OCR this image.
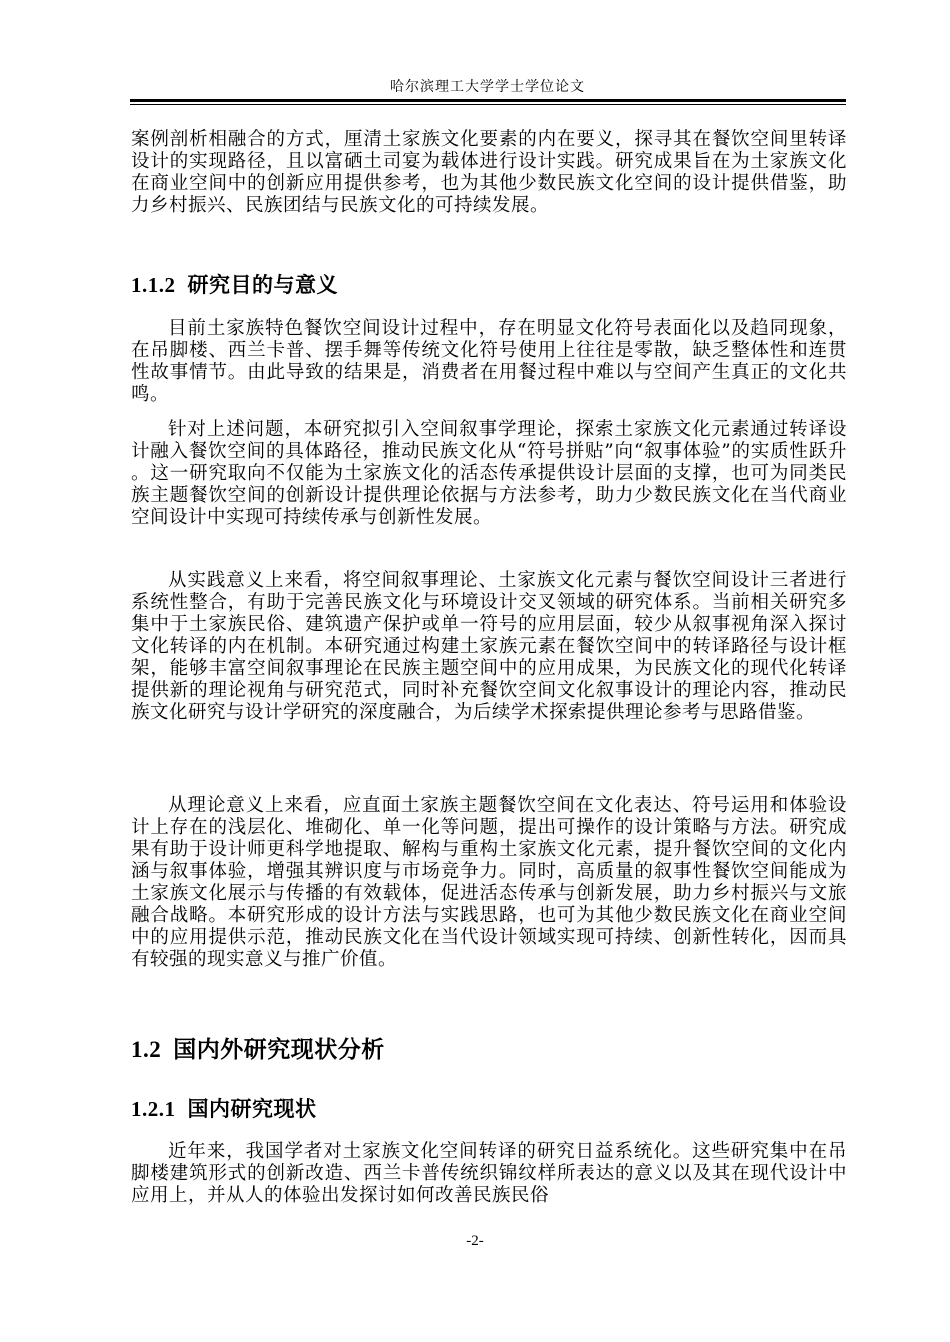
哈尔滨理工大学学士学位论文

案例剖析相融合的方式，厘清土家族文化要素的内在要义，探寻其在餐饮空间里转译设计的实现路径，且以富硒土司宴为载体进行设计实践。研究成果旨在为土家族文化在商业空间中的创新应用提供参考，也为其他少数民族文化空间的设计提供借鉴，助力乡村振兴、民族团结与民族文化的可持续发展。

1.1.2 研究目的与意义

目前土家族特色餐饮空间设计过程中，存在明显文化符号表面化以及趋同现象，在吊脚楼、西兰卡普、摆手舞等传统文化符号使用上往往是零散，缺乏整体性和连贯性故事情节。由此导致的结果是，消费者在用餐过程中难以与空间产生真正的文化共鸣。

针对上述问题，本研究拟引入空间叙事学理论，探索土家族文化元素通过转译设计融入餐饮空间的具体路径，推动民族文化从“符号拼贴”向“叙事体验”的实质性跃升。这一研究取向不仅能为土家族文化的活态传承提供设计层面的支撑，也可为同类民族主题餐饮空间的创新设计提供理论依据与方法参考，助力少数民族文化在当代商业空间设计中实现可持续传承与创新性发展。

从实践意义上来看，将空间叙事理论、土家族文化元素与餐饮空间设计三者进行系统性整合，有助于完善民族文化与环境设计交叉领域的研究体系。当前相关研究多集中于土家族民俗、建筑遗产保护或单一符号的应用层面，较少从叙事视角深入探讨文化转译的内在机制。本研究通过构建土家族元素在餐饮空间中的转译路径与设计框架，能够丰富空间叙事理论在民族主题空间中的应用成果，为民族文化的现代化转译提供新的理论视角与研究范式，同时补充餐饮空间文化叙事设计的理论内容，推动民族文化研究与设计学研究的深度融合，为后续学术探索提供理论参考与思路借鉴。

从理论意义上来看，应直面土家族主题餐饮空间在文化表达、符号运用和体验设计上存在的浅层化、堆砌化、单一化等问题，提出可操作的设计策略与方法。研究成果有助于设计师更科学地提取、解构与重构土家族文化元素，提升餐饮空间的文化内涵与叙事体验，增强其辨识度与市场竞争力。同时，高质量的叙事性餐饮空间能成为土家族文化展示与传播的有效载体，促进活态传承与创新发展，助力乡村振兴与文旅融合战略。本研究形成的设计方法与实践思路，也可为其他少数民族文化在商业空间中的应用提供示范，推动民族文化在当代设计领域实现可持续、创新性转化，因而具有较强的现实意义与推广价值。

1.2 国内外研究现状分析
1.2.1 国内研究现状

近年来，我国学者对土家族文化空间转译的研究日益系统化。这些研究集中在吊脚楼建筑形式的创新改造、西兰卡普传统织锦纹样所表达的意义以及其在现代设计中应用上，并从人的体验出发探讨如何改善民族民俗

-2-
